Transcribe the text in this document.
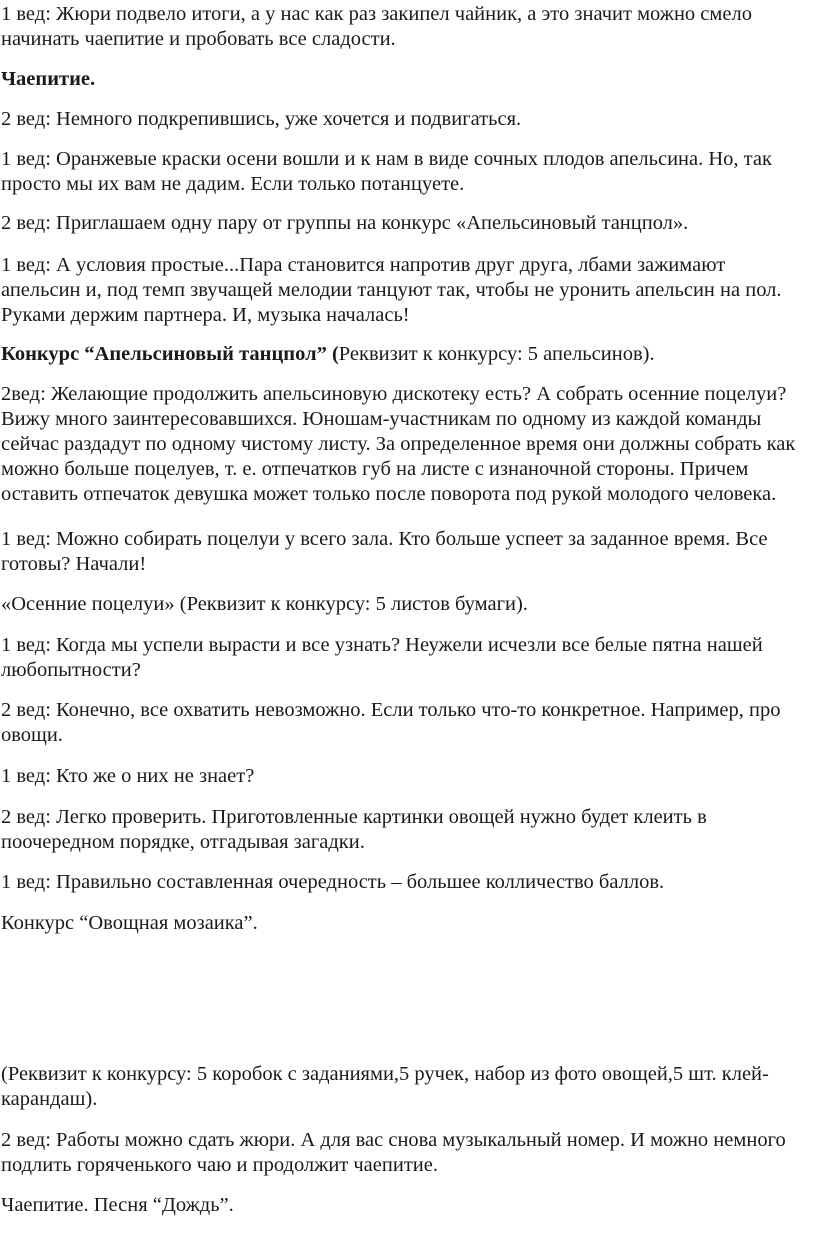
1 вед: Жюри подвело итоги, а у нас как раз закипел чайник, а это значит можно смело начинать чаепитие и пробовать все сладости.

Чаепитие.

2 вед: Немного подкрепившись, уже хочется и подвигаться.

1 вед: Оранжевые краски осени вошли и к нам в виде сочных плодов апельсина. Но, так просто мы их вам не дадим. Если только потанцуете.

2 вед: Приглашаем одну пару от группы на конкурс «Апельсиновый танцпол».

1 вед: А условия простые...Пара становится напротив друг друга, лбами зажимают апельсин и, под темп звучащей мелодии танцуют так, чтобы не уронить апельсин на пол. Руками держим партнера. И, музыка началась!

Конкурс “Апельсиновый танцпол” (Реквизит к конкурсу: 5 апельсинов).

2вед: Желающие продолжить апельсиновую дискотеку есть? А собрать осенние поцелуи? Вижу много заинтересовавшихся. Юношам-участникам по одному из каждой команды сейчас раздадут по одному чистому листу. За определенное время они должны собрать как можно больше поцелуев, т. е. отпечатков губ на листе с изнаночной стороны. Причем оставить отпечаток девушка может только после поворота под рукой молодого человека.

1 вед: Можно собирать поцелуи у всего зала. Кто больше успеет за заданное время. Все готовы? Начали!

«Осенние поцелуи» (Реквизит к конкурсу: 5 листов бумаги).

1 вед: Когда мы успели вырасти и все узнать? Неужели исчезли все белые пятна нашей любопытности?

2 вед: Конечно, все охватить невозможно. Если только что-то конкретное. Например, про овощи.

1 вед: Кто же о них не знает?

2 вед: Легко проверить. Приготовленные картинки овощей нужно будет клеить в поочередном порядке, отгадывая загадки.

1 вед: Правильно составленная очередность – большее колличество баллов.

Конкурс “Овощная мозаика”.

(Реквизит к конкурсу: 5 коробок с заданиями,5 ручек, набор из фото овощей,5 шт. клей-карандаш).

2 вед: Работы можно сдать жюри. А для вас снова музыкальный номер. И можно немного подлить горяченького чаю и продолжит чаепитие.

Чаепитие. Песня “Дождь”.
